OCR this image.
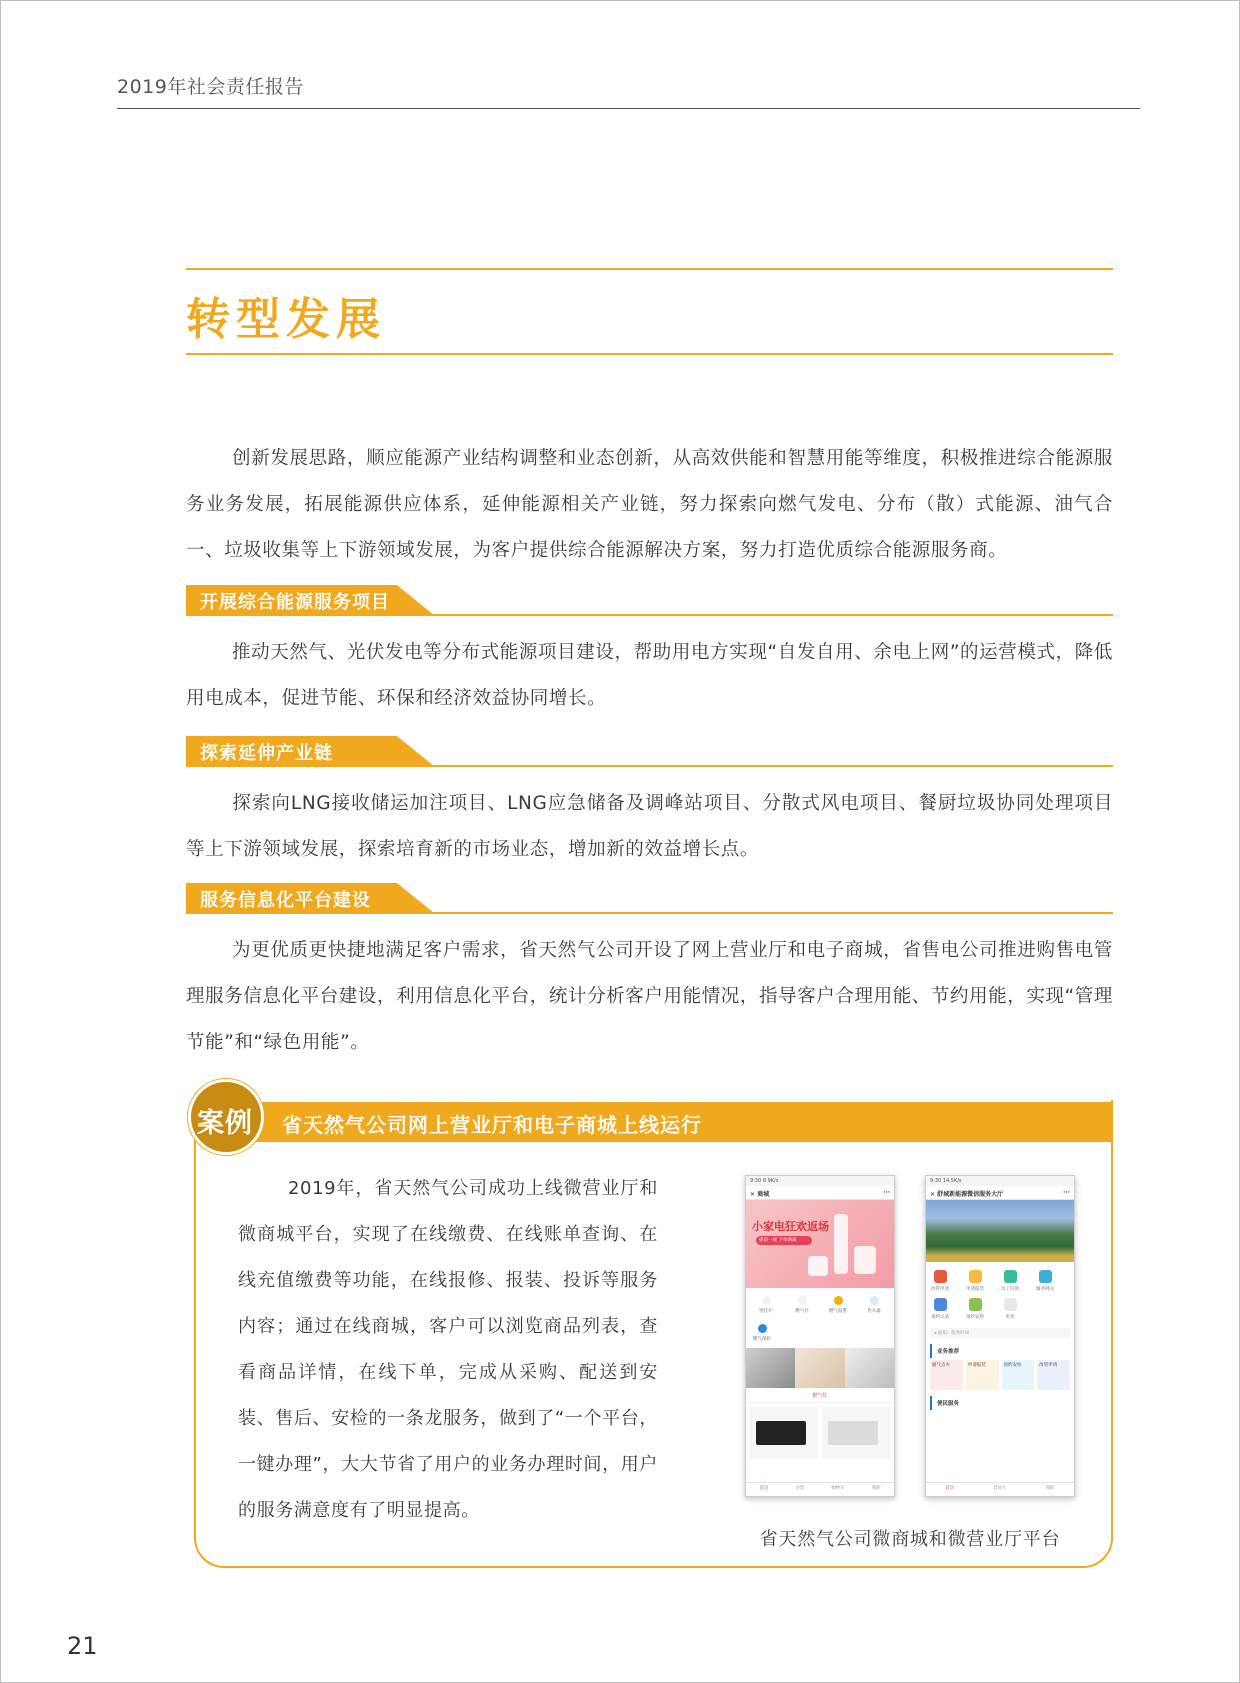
2019年社会责任报告
转型发展
创新发展思路，顺应能源产业结构调整和业态创新，从高效供能和智慧用能等维度，积极推进综合能源服务业务发展，拓展能源供应体系，延伸能源相关产业链，努力探索向燃气发电、分布（散）式能源、油气合一、垃圾收集等上下游领域发展，为客户提供综合能源解决方案，努力打造优质综合能源服务商。
开展综合能源服务项目
推动天然气、光伏发电等分布式能源项目建设，帮助用电方实现“自发自用、余电上网”的运营模式，降低用电成本，促进节能、环保和经济效益协同增长。
探索延伸产业链
探索向LNG接收储运加注项目、LNG应急储备及调峰站项目、分散式风电项目、餐厨垃圾协同处理项目等上下游领域发展，探索培育新的市场业态，增加新的效益增长点。
服务信息化平台建设
为更优质更快捷地满足客户需求，省天然气公司开设了网上营业厅和电子商城，省售电公司推进购售电管理服务信息化平台建设，利用信息化平台，统计分析客户用能情况，指导客户合理用能、节约用能，实现“管理节能”和“绿色用能”。
案例 省天然气公司网上营业厅和电子商城上线运行
2019年，省天然气公司成功上线微营业厅和微商城平台，实现了在线缴费、在线账单查询、在线充值缴费等功能，在线报修、报装、投诉等服务内容；通过在线商城，客户可以浏览商品列表，查看商品详情，在线下单，完成从采购、配送到安装、售后、安检的一条龙服务，做到了“一个平台，一键办理”，大大节省了用户的业务办理时间，用户的服务满意度有了明显提高。
9:30 8.9K/s
✕ 商城	···
小家电狂欢返场
提前一展 下单满减
壁挂炉	燃气灶	燃气报警	热水器
燃气保险
燃气灶
首页	分类	购物车	我的
9:30 14.5K/s
✕ 舒城新能源微信服务大厅	···
改管申请	申请报装	员工识别	服务网点
预约记录	预约安检	更多
◂ 通知：服务时间
业务推荐
通气点火	申请报装	预约安检	改管申请
便民服务
首页	营业厅	我的
省天然气公司微商城和微营业厅平台
21
